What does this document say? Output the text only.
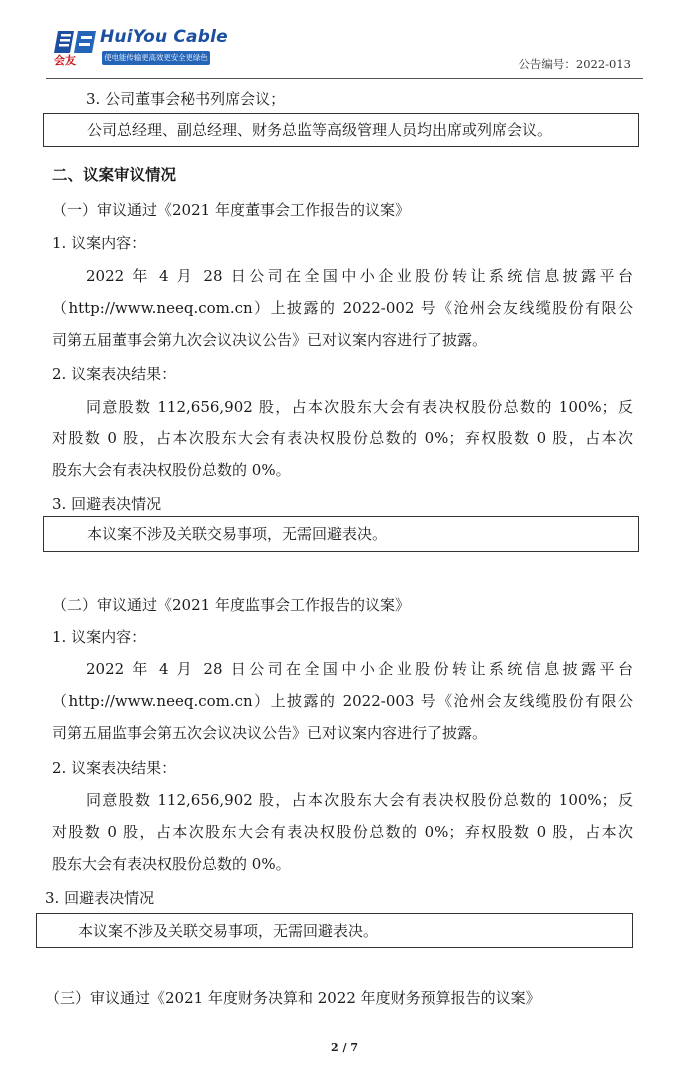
会友
HuiYou Cable
使电能传输更高效更安全更绿色	公告编号：2022-013
3. 公司董事会秘书列席会议；
公司总经理、副总经理、财务总监等高级管理人员均出席或列席会议。
二、议案审议情况
（一）审议通过《2021 年度董事会工作报告的议案》
1. 议案内容：
2022 年 4 月 28 日公司在全国中小企业股份转让系统信息披露平台
（http://www.neeq.com.cn）上披露的 2022-002 号《沧州会友线缆股份有限公
司第五届董事会第九次会议决议公告》已对议案内容进行了披露。
2. 议案表决结果：
同意股数 112,656,902 股，占本次股东大会有表决权股份总数的 100%；反
对股数 0 股，占本次股东大会有表决权股份总数的 0%；弃权股数 0 股，占本次
股东大会有表决权股份总数的 0%。
3. 回避表决情况
本议案不涉及关联交易事项，无需回避表决。
（二）审议通过《2021 年度监事会工作报告的议案》
1. 议案内容：
2022 年 4 月 28 日公司在全国中小企业股份转让系统信息披露平台
（http://www.neeq.com.cn）上披露的 2022-003 号《沧州会友线缆股份有限公
司第五届监事会第五次会议决议公告》已对议案内容进行了披露。
2. 议案表决结果：
同意股数 112,656,902 股，占本次股东大会有表决权股份总数的 100%；反
对股数 0 股，占本次股东大会有表决权股份总数的 0%；弃权股数 0 股，占本次
股东大会有表决权股份总数的 0%。
3. 回避表决情况
本议案不涉及关联交易事项，无需回避表决。
（三）审议通过《2021 年度财务决算和 2022 年度财务预算报告的议案》
2 / 7
